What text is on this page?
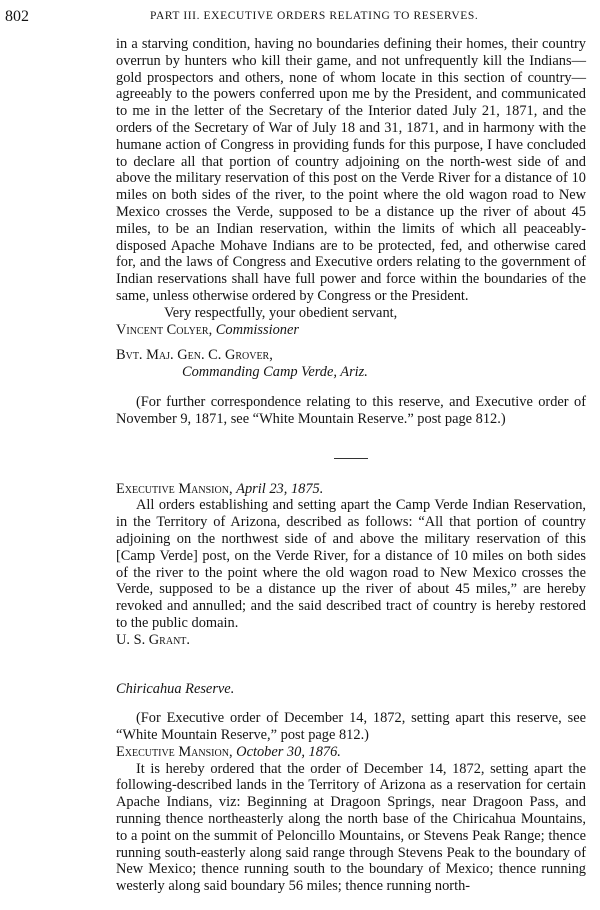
802	PART III. EXECUTIVE ORDERS RELATING TO RESERVES.

in a starving condition, having no boundaries defining their homes, their country overrun by hunters who kill their game, and not unfrequently kill the Indians—gold prospectors and others, none of whom locate in this section of country—agreeably to the powers conferred upon me by the President, and communicated to me in the letter of the Secretary of the Interior dated July 21, 1871, and the orders of the Secretary of War of July 18 and 31, 1871, and in harmony with the humane action of Congress in providing funds for this purpose, I have concluded to declare all that portion of country adjoining on the north-west side of and above the military reservation of this post on the Verde River for a distance of 10 miles on both sides of the river, to the point where the old wagon road to New Mexico crosses the Verde, supposed to be a distance up the river of about 45 miles, to be an Indian reservation, within the limits of which all peaceably-disposed Apache Mohave Indians are to be protected, fed, and otherwise cared for, and the laws of Congress and Executive orders relating to the government of Indian reservations shall have full power and force within the boundaries of the same, unless otherwise ordered by Congress or the President.

Very respectfully, your obedient servant,

Vincent Colyer, Commissioner

Bvt. Maj. Gen. C. Grover,

Commanding Camp Verde, Ariz.

(For further correspondence relating to this reserve, and Executive order of November 9, 1871, see “White Mountain Reserve.” post page 812.)

Executive Mansion, April 23, 1875.

All orders establishing and setting apart the Camp Verde Indian Reservation, in the Territory of Arizona, described as follows: “All that portion of country adjoining on the northwest side of and above the military reservation of this [Camp Verde] post, on the Verde River, for a distance of 10 miles on both sides of the river to the point where the old wagon road to New Mexico crosses the Verde, supposed to be a distance up the river of about 45 miles,” are hereby revoked and annulled; and the said described tract of country is hereby restored to the public domain.

U. S. Grant.

Chiricahua Reserve.

(For Executive order of December 14, 1872, setting apart this reserve, see “White Mountain Reserve,” post page 812.)

Executive Mansion, October 30, 1876.

It is hereby ordered that the order of December 14, 1872, setting apart the following-described lands in the Territory of Arizona as a reservation for certain Apache Indians, viz: Beginning at Dragoon Springs, near Dragoon Pass, and running thence northeasterly along the north base of the Chiricahua Mountains, to a point on the summit of Peloncillo Mountains, or Stevens Peak Range; thence running south-easterly along said range through Stevens Peak to the boundary of New Mexico; thence running south to the boundary of Mexico; thence running westerly along said boundary 56 miles; thence running north-
